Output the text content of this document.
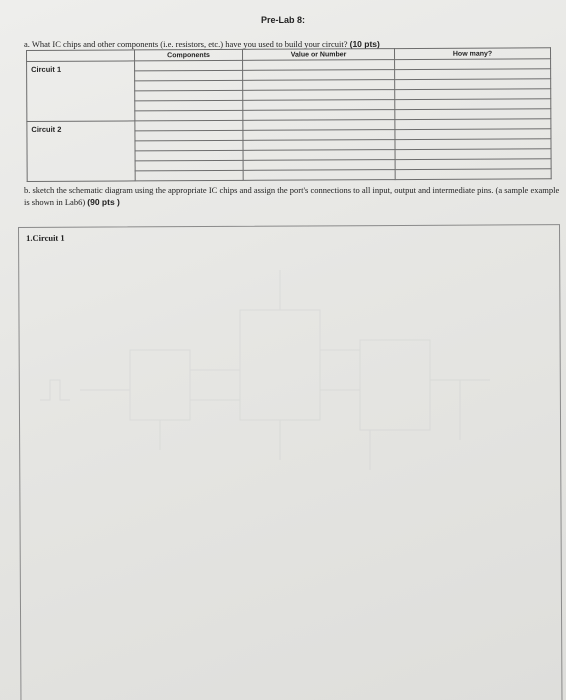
Pre-Lab 8:
a. What IC chips and other components (i.e. resistors, etc.) have you used to build your circuit? (10 pts)
	Components	Value or Number	How many?
Circuit 1			

Circuit 2			

b. sketch the schematic diagram using the appropriate IC chips and assign the port's connections to all input, output and intermediate pins. (a sample example is shown in Lab6) (90 pts )
1.Circuit 1
